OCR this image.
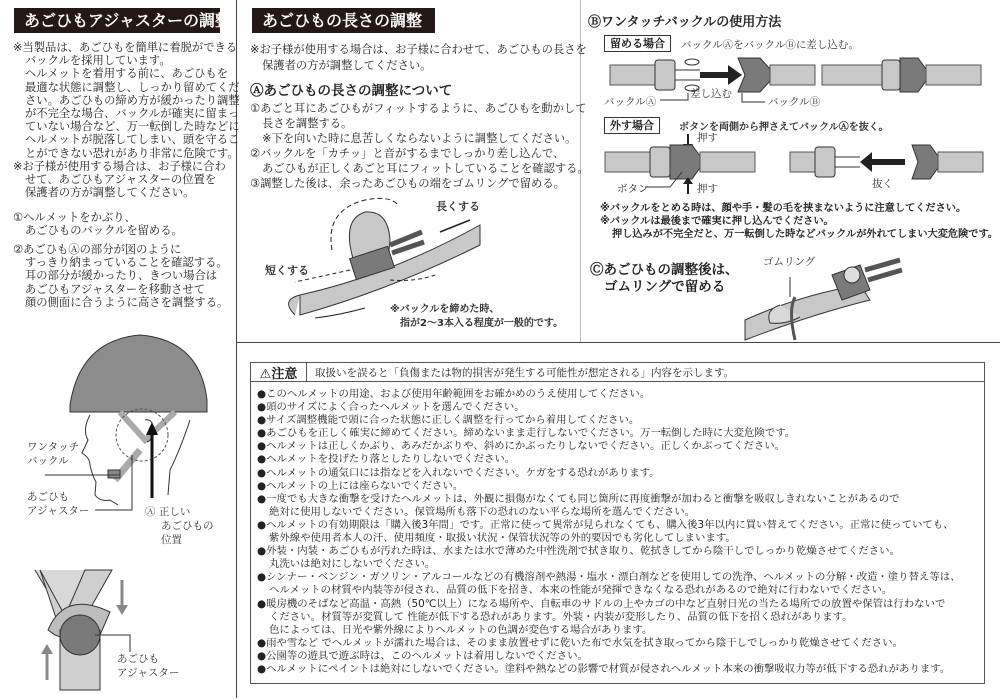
あごひもアジャスターの調整
※当製品は、あごひもを簡単に着脱ができる
バックルを採用しています。
ヘルメットを着用する前に、あごひもを
最適な状態に調整し、しっかり留めてくだ
さい。あごひもの締め方が緩かったり調整
が不完全な場合、バックルが確実に留まっ
ていない場合など、万一転倒した時などに
ヘルメットが脱落してしまい、頭を守るこ
とができない恐れがあり非常に危険です。
※お子様が使用する場合は、お子様に合わ
せて、あごひもアジャスターの位置を
保護者の方が調整してください。
①ヘルメットをかぶり、
あごひものバックルを留める。
②あごひもⒶの部分が図のように
すっきり納まっていることを確認する。
耳の部分が緩かったり、きつい場合は
あごひもアジャスターを移動させて
顔の側面に合うように高さを調整する。
ワンタッチ
バックル
あごひも
アジャスター	Ⓐ 正しい
あごひもの
位置
あごひも
アジャスター
あごひもの長さの調整
※お子様が使用する場合は、お子様に合わせて、あごひもの長さを
保護者の方が調整してください。
Ⓐあごひもの長さの調整について
①あごと耳にあごひもがフィットするように、あごひもを動かして
長さを調整する。
※下を向いた時に息苦しくならないように調整してください。
②バックルを「カチッ」と音がするまでしっかり差し込んで、
あごひもが正しくあごと耳にフィットしていることを確認する。
③調整した後は、余ったあごひもの端をゴムリングで留める。
長くする
短くする
※バックルを締めた時、
指が2〜3本入る程度が一般的です。
Ⓑワンタッチバックルの使用方法
留める場合	バックルⒶをバックルⒷに差し込む。
差し込む
バックルⒶ	バックルⒷ
外す場合	ボタンを両側から押さえてバックルⒶを抜く。
押す
ボタン	押す	抜く
※バックルをとめる時は、顔や手・髪の毛を挟まないように注意してください。
※バックルは最後まで確実に押し込んでください。
押し込みが不完全だと、万一転倒した時などバックルが外れてしまい大変危険です。
Ⓒあごひもの調整後は、
ゴムリングで留める
ゴムリング
⚠注意	取扱いを誤ると「負傷または物的損害が発生する可能性が想定される」内容を示します。
●このヘルメットの用途、および使用年齢範囲をお確かめのうえ使用してください。
●頭のサイズによく合ったヘルメットを選んでください。
●サイズ調整機能で頭に合った状態に正しく調整を行ってから着用してください。
●あごひもを正しく確実に締めてください。締めないまま走行しないでください。万一転倒した時に大変危険です。
●ヘルメットは正しくかぶり、あみだかぶりや、斜めにかぶったりしないでください。正しくかぶってください。
●ヘルメットを投げたり落としたりしないでください。
●ヘルメットの通気口には指などを入れないでください。ケガをする恐れがあります。
●ヘルメットの上には座らないでください。
●一度でも大きな衝撃を受けたヘルメットは、外観に損傷がなくても同じ箇所に再度衝撃が加わると衝撃を吸収しきれないことがあるので
絶対に使用しないでください。保管場所も落下の恐れのない平らな場所を選んでください。
●ヘルメットの有効期限は「購入後3年間」です。正常に使って異常が見られなくても、購入後3年以内に買い替えてください。正常に使っていても、
紫外線や使用者本人の汗、使用頻度・取扱い状況・保管状況等の外的要因でも劣化してしまいます。
●外装・内装・あごひもが汚れた時は、水または水で薄めた中性洗剤で拭き取り、乾拭きしてから陰干しでしっかり乾燥させてください。
丸洗いは絶対にしないでください。
●シンナー・ベンジン・ガソリン・アルコールなどの有機溶剤や熱湯・塩水・漂白剤などを使用しての洗浄、ヘルメットの分解・改造・塗り替え等は、
ヘルメットの材質や内装等が侵され、品質の低下を招き、本来の性能が発揮できなくなる恐れがあるので絶対に行わないでください。
●暖房機のそばなど高温・高熱（50℃以上）になる場所や、自転車のサドルの上やカゴの中など直射日光の当たる場所での放置や保管は行わないで
ください。材質等が変質して 性能が低下する恐れがあります。外装・内装が変形したり、品質の低下を招く恐れがあります。
色によっては、日光や紫外線によりヘルメットの色調が変色する場合があります。
●雨や雪など でヘルメットが濡れた場合は、そのまま放置せずに乾いた布で水気を拭き取ってから陰干しでしっかり乾燥させてください。
●公園等の遊具で遊ぶ時は、このヘルメットは着用しないでください。
●ヘルメットにペイントは絶対にしないでください。塗料や熱などの影響で材質が侵されヘルメット本来の衝撃吸収力等が低下する恐れがあります。
